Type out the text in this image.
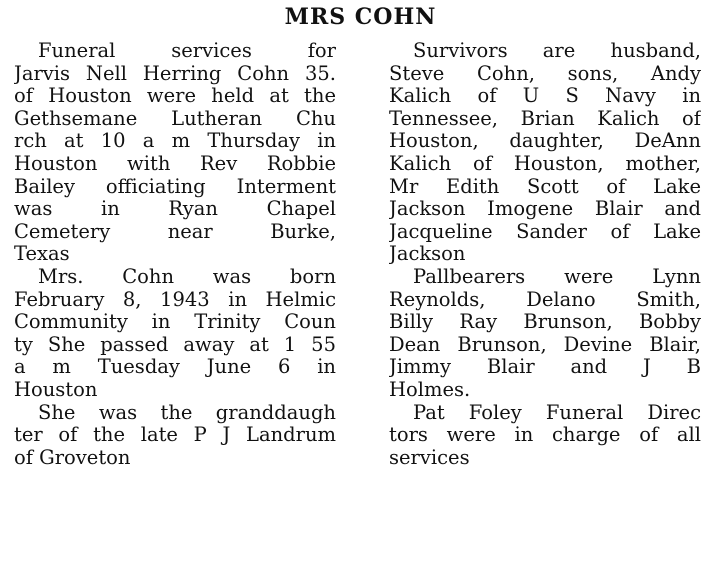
MRS COHN
Funeral services for
Jarvis Nell Herring Cohn 35.
of Houston were held at the
Gethsemane Lutheran Chu
rch at 10 a m Thursday in
Houston with Rev Robbie
Bailey officiating Interment
was in Ryan Chapel
Cemetery near Burke,
Texas
Mrs. Cohn was born
February 8, 1943 in Helmic
Community in Trinity Coun
ty She passed away at 1 55
a m Tuesday June 6 in
Houston
She was the granddaugh
ter of the late P J Landrum
of Groveton
Survivors are husband,
Steve Cohn, sons, Andy
Kalich of U S Navy in
Tennessee, Brian Kalich of
Houston, daughter, DeAnn
Kalich of Houston, mother,
Mr Edith Scott of Lake
Jackson Imogene Blair and
Jacqueline Sander of Lake
Jackson
Pallbearers were Lynn
Reynolds, Delano Smith,
Billy Ray Brunson, Bobby
Dean Brunson, Devine Blair,
Jimmy Blair and J B
Holmes.
Pat Foley Funeral Direc
tors were in charge of all
services
